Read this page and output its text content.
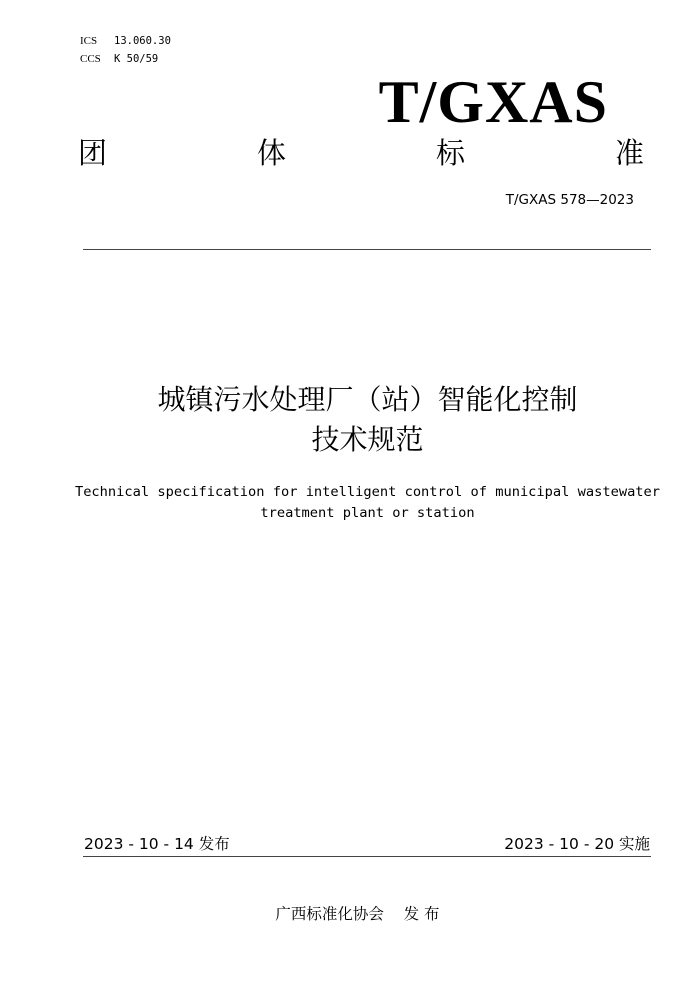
ICS 13.060.30
CCS K 50/59
T/GXAS
团	体	标	准
T/GXAS 578—2023
城镇污水处理厂（站）智能化控制
技术规范
Technical specification for intelligent control of municipal wastewater
treatment plant or station
2023 - 10 - 14 发布	2023 - 10 - 20 实施
广西标准化协会    发 布
